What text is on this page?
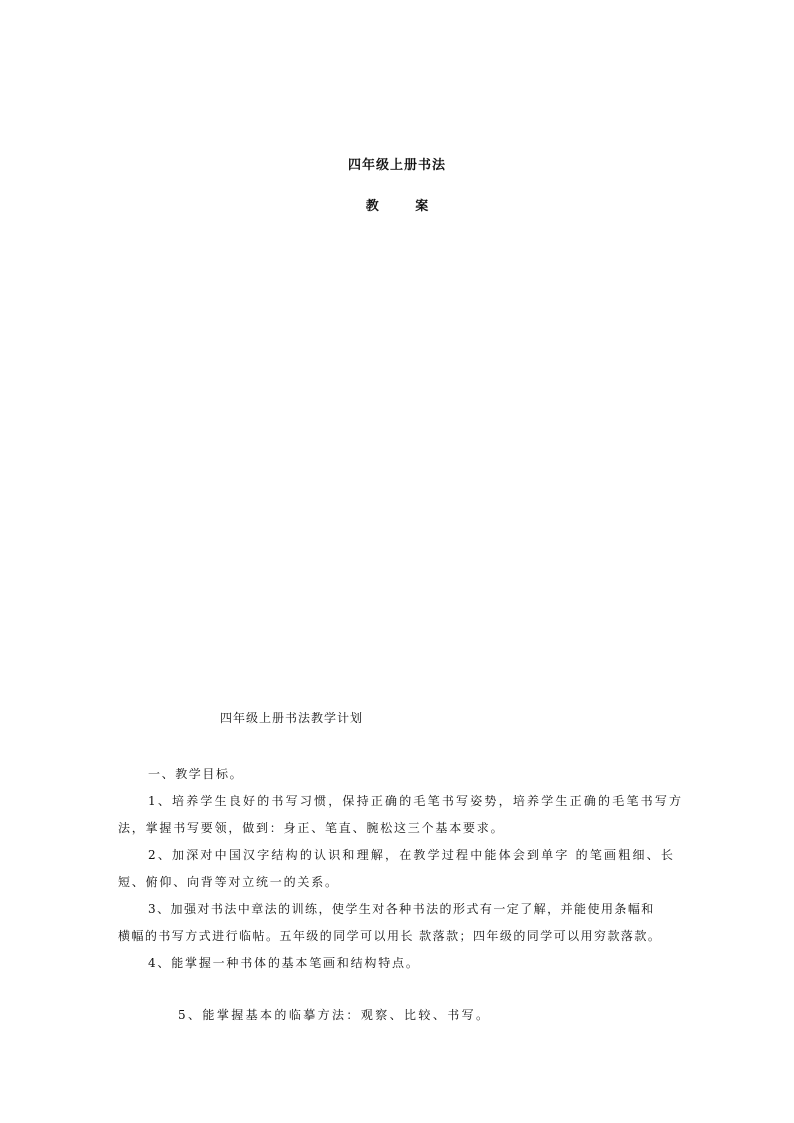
四年级上册书法
教 案
四年级上册书法教学计划
一、教学目标。
1、培养学生良好的书写习惯，保持正确的毛笔书写姿势，培养学生正确的毛笔书写方
法，掌握书写要领，做到：身正、笔直、腕松这三个基本要求。
2、加深对中国汉字结构的认识和理解，在教学过程中能体会到单字 的笔画粗细、长
短、俯仰、向背等对立统一的关系。
3、加强对书法中章法的训练，使学生对各种书法的形式有一定了解，并能使用条幅和
横幅的书写方式进行临帖。五年级的同学可以用长 款落款；四年级的同学可以用穷款落款。
4、能掌握一种书体的基本笔画和结构特点。
5、能掌握基本的临摹方法：观察、比较、书写。
